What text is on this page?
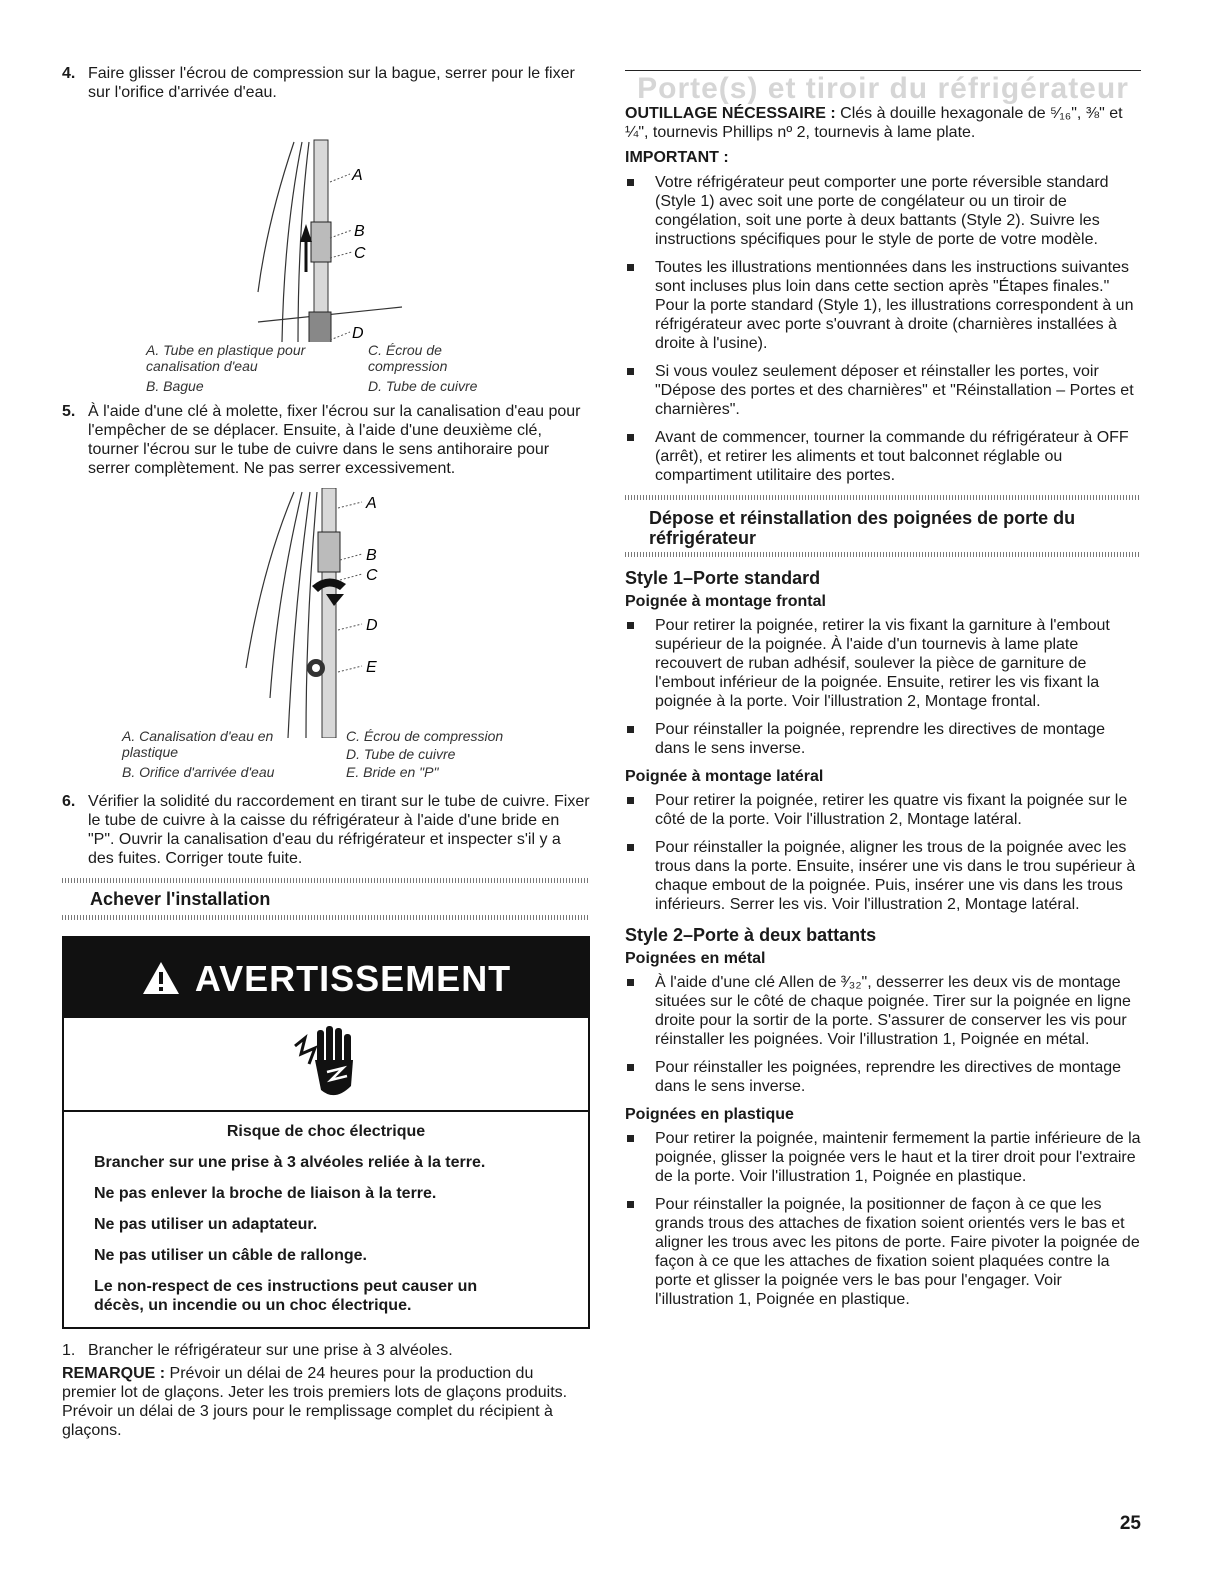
4. Faire glisser l'écrou de compression sur la bague, serrer pour le fixer sur l'orifice d'arrivée d'eau.

A
B
C
D
A. Tube en plastique pour canalisation d'eau
B. Bague
C. Écrou de compression
D. Tube de cuivre
5. À l'aide d'une clé à molette, fixer l'écrou sur la canalisation d'eau pour l'empêcher de se déplacer. Ensuite, à l'aide d'une deuxième clé, tourner l'écrou sur le tube de cuivre dans le sens antihoraire pour serrer complètement. Ne pas serrer excessivement.

A
B
C
D
E
A. Canalisation d'eau en plastique
B. Orifice d'arrivée d'eau
C. Écrou de compression
D. Tube de cuivre
E. Bride en "P"
6. Vérifier la solidité du raccordement en tirant sur le tube de cuivre. Fixer le tube de cuivre à la caisse du réfrigérateur à l'aide d'une bride en "P". Ouvrir la canalisation d'eau du réfrigérateur et inspecter s'il y a des fuites. Corriger toute fuite.

Achever l'installation
AVERTISSEMENT

Risque de choc électrique

Brancher sur une prise à 3 alvéoles reliée à la terre.

Ne pas enlever la broche de liaison à la terre.

Ne pas utiliser un adaptateur.

Ne pas utiliser un câble de rallonge.

Le non-respect de ces instructions peut causer un décès, un incendie ou un choc électrique.

1. Brancher le réfrigérateur sur une prise à 3 alvéoles.

REMARQUE : Prévoir un délai de 24 heures pour la production du premier lot de glaçons. Jeter les trois premiers lots de glaçons produits. Prévoir un délai de 3 jours pour le remplissage complet du récipient à glaçons.

Porte(s) et tiroir du réfrigérateur

OUTILLAGE NÉCESSAIRE : Clés à douille hexagonale de ⁵⁄₁₆", ⅜" et ¼", tournevis Phillips nº 2, tournevis à lame plate.

IMPORTANT :

Votre réfrigérateur peut comporter une porte réversible standard (Style 1) avec soit une porte de congélateur ou un tiroir de congélation, soit une porte à deux battants (Style 2). Suivre les instructions spécifiques pour le style de porte de votre modèle.
Toutes les illustrations mentionnées dans les instructions suivantes sont incluses plus loin dans cette section après "Étapes finales." Pour la porte standard (Style 1), les illustrations correspondent à un réfrigérateur avec porte s'ouvrant à droite (charnières installées à droite à l'usine).
Si vous voulez seulement déposer et réinstaller les portes, voir "Dépose des portes et des charnières" et "Réinstallation – Portes et charnières".
Avant de commencer, tourner la commande du réfrigérateur à OFF (arrêt), et retirer les aliments et tout balconnet réglable ou compartiment utilitaire des portes.
Dépose et réinstallation des poignées de porte du réfrigérateur
Style 1–Porte standard
Poignée à montage frontal
Pour retirer la poignée, retirer la vis fixant la garniture à l'embout supérieur de la poignée. À l'aide d'un tournevis à lame plate recouvert de ruban adhésif, soulever la pièce de garniture de l'embout inférieur de la poignée. Ensuite, retirer les vis fixant la poignée à la porte. Voir l'illustration 2, Montage frontal.
Pour réinstaller la poignée, reprendre les directives de montage dans le sens inverse.
Poignée à montage latéral
Pour retirer la poignée, retirer les quatre vis fixant la poignée sur le côté de la porte. Voir l'illustration 2, Montage latéral.
Pour réinstaller la poignée, aligner les trous de la poignée avec les trous dans la porte. Ensuite, insérer une vis dans le trou supérieur à chaque embout de la poignée. Puis, insérer une vis dans les trous inférieurs. Serrer les vis. Voir l'illustration 2, Montage latéral.
Style 2–Porte à deux battants
Poignées en métal
À l'aide d'une clé Allen de ³⁄₃₂", desserrer les deux vis de montage situées sur le côté de chaque poignée. Tirer sur la poignée en ligne droite pour la sortir de la porte. S'assurer de conserver les vis pour réinstaller les poignées. Voir l'illustration 1, Poignée en métal.
Pour réinstaller les poignées, reprendre les directives de montage dans le sens inverse.
Poignées en plastique
Pour retirer la poignée, maintenir fermement la partie inférieure de la poignée, glisser la poignée vers le haut et la tirer droit pour l'extraire de la porte. Voir l'illustration 1, Poignée en plastique.
Pour réinstaller la poignée, la positionner de façon à ce que les grands trous des attaches de fixation soient orientés vers le bas et aligner les trous avec les pitons de porte. Faire pivoter la poignée de façon à ce que les attaches de fixation soient plaquées contre la porte et glisser la poignée vers le bas pour l'engager. Voir l'illustration 1, Poignée en plastique.
25
